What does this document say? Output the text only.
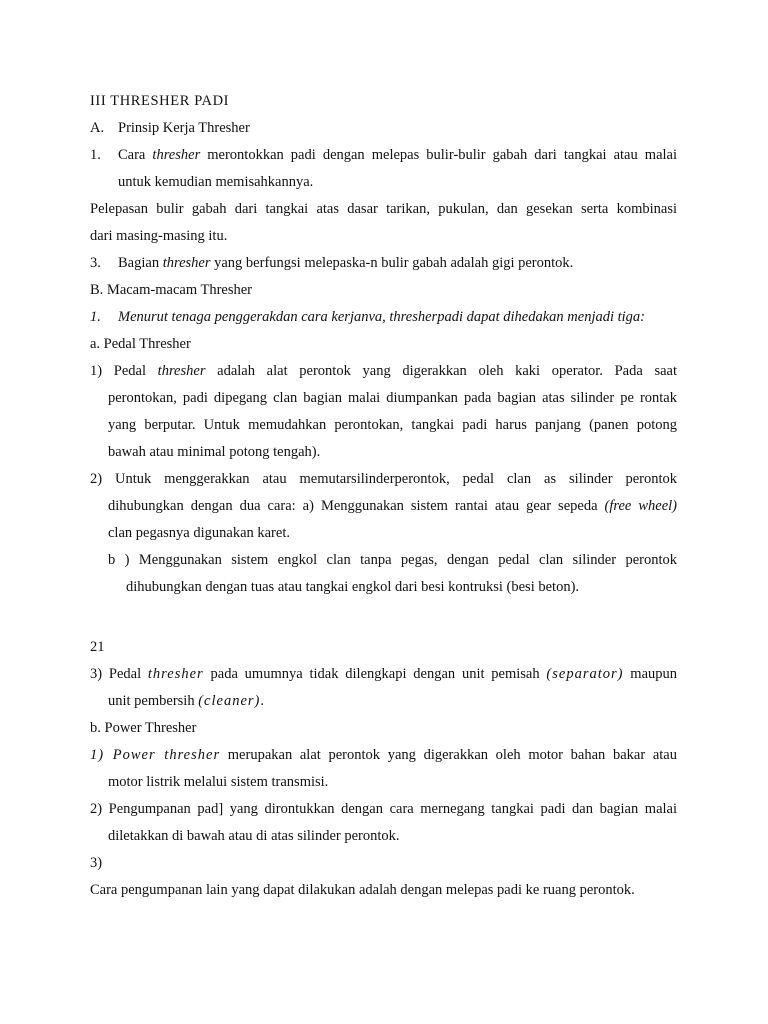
III THRESHER PADI
A. Prinsip Kerja Thresher
1. Cara thresher merontokkan padi dengan melepas bulir-bulir gabah dari tangkai atau malai
untuk kemudian memisahkannya.
Pelepasan bulir gabah dari tangkai atas dasar tarikan, pukulan, dan gesekan serta kombinasi
dari masing-masing itu.
3. Bagian thresher yang berfungsi melepaska-n bulir gabah adalah gigi perontok.
B. Macam-macam Thresher
1. Menurut tenaga penggerakdan cara kerjanva, thresherpadi dapat dihedakan menjadi tiga:
a. Pedal Thresher
1) Pedal thresher adalah alat perontok yang digerakkan oleh kaki operator. Pada saat
perontokan, padi dipegang clan bagian malai diumpankan pada bagian atas silinder pe rontak
yang berputar. Untuk memudahkan perontokan, tangkai padi harus panjang (panen potong
bawah atau minimal potong tengah).
2) Untuk menggerakkan atau memutarsilinderperontok, pedal clan as silinder perontok
dihubungkan dengan dua cara: a) Menggunakan sistem rantai atau gear sepeda (free wheel)
clan pegasnya digunakan karet.
b ) Menggunakan sistem engkol clan tanpa pegas, dengan pedal clan silinder perontok
dihubungkan dengan tuas atau tangkai engkol dari besi kontruksi (besi beton).
21
3) Pedal thresher pada umumnya tidak dilengkapi dengan unit pemisah (separator) maupun
unit pembersih (cleaner).
b. Power Thresher
1) Power thresher merupakan alat perontok yang digerakkan oleh motor bahan bakar atau
motor listrik melalui sistem transmisi.
2) Pengumpanan pad] yang dirontukkan dengan cara mernegang tangkai padi dan bagian malai
diletakkan di bawah atau di atas silinder perontok.
3)
Cara pengumpanan lain yang dapat dilakukan adalah dengan melepas padi ke ruang perontok.
